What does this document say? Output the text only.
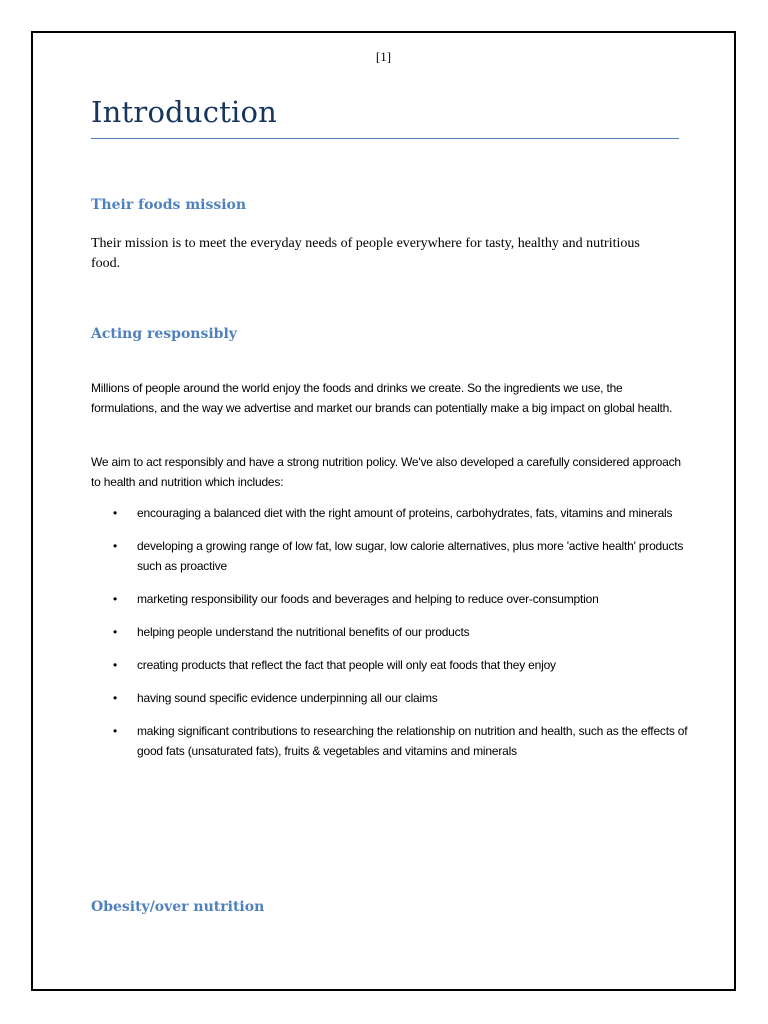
[1]
Introduction
Their foods mission
Their mission is to meet the everyday needs of people everywhere for tasty, healthy and nutritious food.
Acting responsibly
Millions of people around the world enjoy the foods and drinks we create. So the ingredients we use, the formulations, and the way we advertise and market our brands can potentially make a big impact on global health.
We aim to act responsibly and have a strong nutrition policy. We've also developed a carefully considered approach to health and nutrition which includes:
• encouraging a balanced diet with the right amount of proteins, carbohydrates, fats, vitamins and minerals
• developing a growing range of low fat, low sugar, low calorie alternatives, plus more 'active health' products such as proactive
• marketing responsibility our foods and beverages and helping to reduce over-consumption
• helping people understand the nutritional benefits of our products
• creating products that reflect the fact that people will only eat foods that they enjoy
• having sound specific evidence underpinning all our claims
• making significant contributions to researching the relationship on nutrition and health, such as the effects of good fats (unsaturated fats), fruits & vegetables and vitamins and minerals
Obesity/over nutrition
